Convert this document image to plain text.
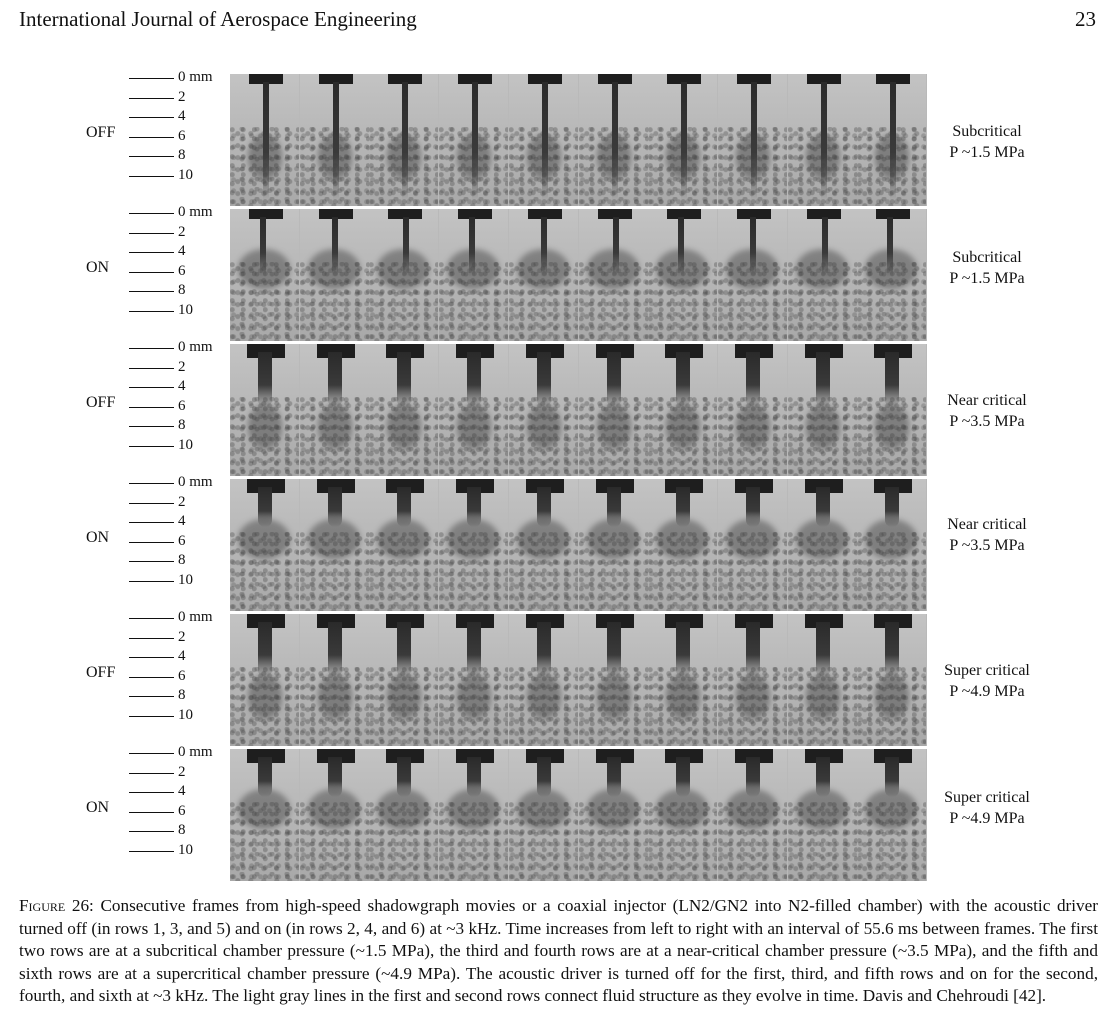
International Journal of Aerospace Engineering	23
OFF
0 mm
2
4
6
8
10
Subcritical
P ~1.5 MPa
ON
0 mm
2
4
6
8
10
Subcritical
P ~1.5 MPa
OFF
0 mm
2
4
6
8
10
Near critical
P ~3.5 MPa
ON
0 mm
2
4
6
8
10
Near critical
P ~3.5 MPa
OFF
0 mm
2
4
6
8
10
Super critical
P ~4.9 MPa
ON
0 mm
2
4
6
8
10
Super critical
P ~4.9 MPa
Figure 26: Consecutive frames from high-speed shadowgraph movies or a coaxial injector (LN2/GN2 into N2-filled chamber) with the acoustic driver turned off (in rows 1, 3, and 5) and on (in rows 2, 4, and 6) at ~3 kHz. Time increases from left to right with an interval of 55.6 ms between frames. The first two rows are at a subcritical chamber pressure (~1.5 MPa), the third and fourth rows are at a near-critical chamber pressure (~3.5 MPa), and the fifth and sixth rows are at a supercritical chamber pressure (~4.9 MPa). The acoustic driver is turned off for the first, third, and fifth rows and on for the second, fourth, and sixth at ~3 kHz. The light gray lines in the first and second rows connect fluid structure as they evolve in time. Davis and Chehroudi [42].
